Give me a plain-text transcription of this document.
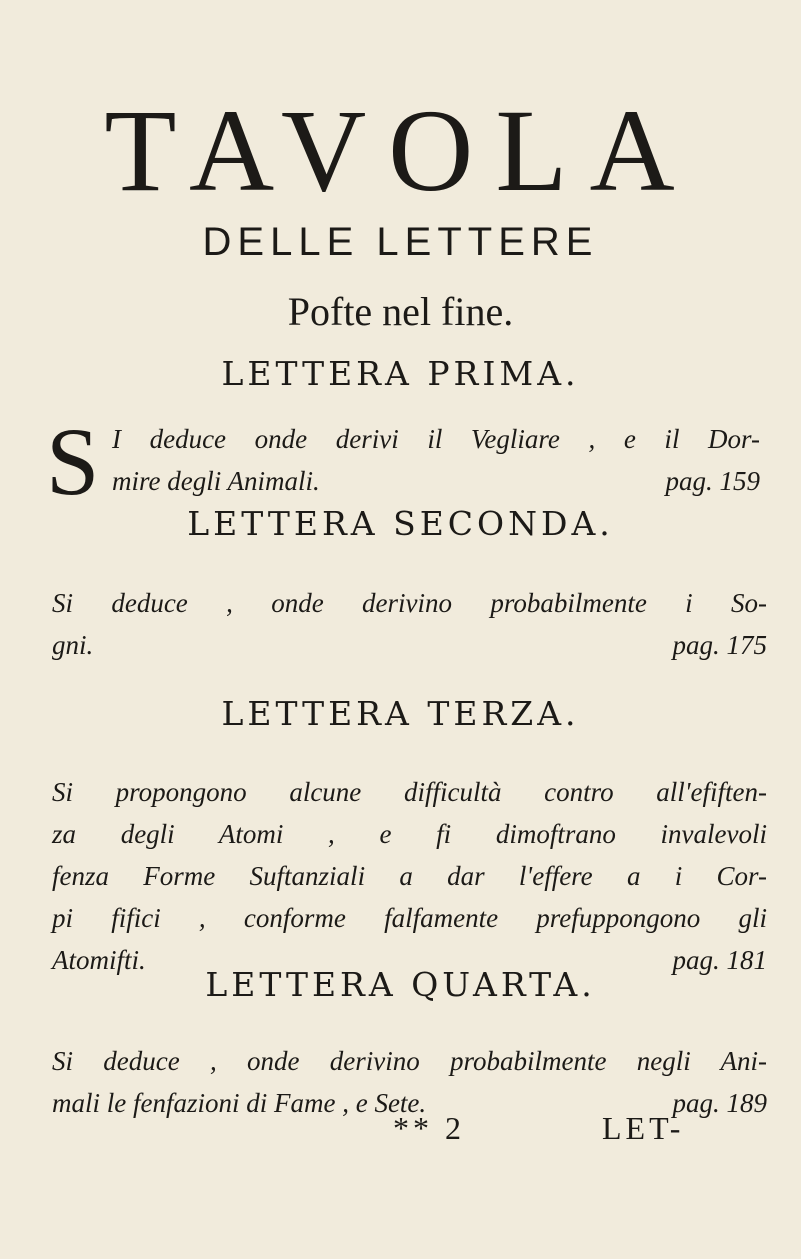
TAVOLA
DELLE LETTERE
Pofte nel fine.
LETTERA PRIMA.
S I deduce onde derivi il Vegliare , e il Dor-
mire degli Animali.	pag. 159
LETTERA SECONDA.
Si deduce , onde derivino probabilmente i So-
gni.	pag. 175
LETTERA TERZA.
Si propongono alcune difficultà contro all'efiften-
za degli Atomi , e fi dimoftrano invalevoli
fenza Forme Suftanziali a dar l'effere a i Cor-
pi fifici , conforme falfamente prefuppongono gli
Atomifti.	pag. 181
LETTERA QUARTA.
Si deduce , onde derivino probabilmente negli Ani-
mali le fenfazioni di Fame , e Sete.	pag. 189
** 2	LET-
